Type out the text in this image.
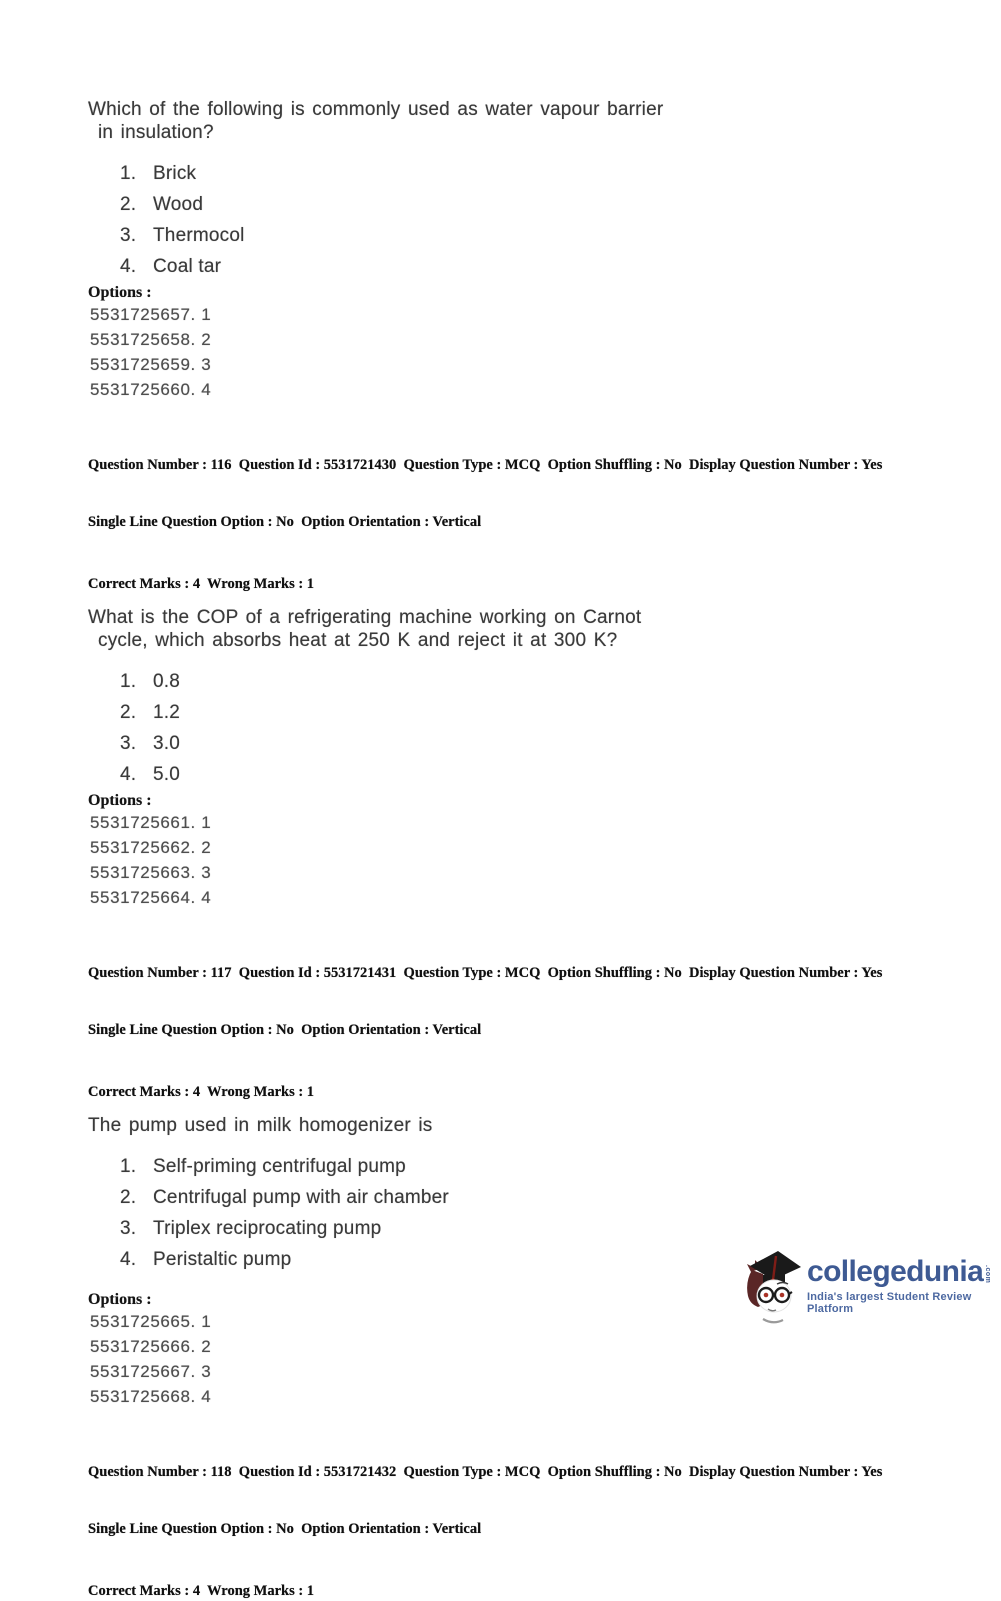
Which of the following is commonly used as water vapour barrier
in insulation?
1. Brick
2. Wood
3. Thermocol
4. Coal tar
Options :
5531725657. 1
5531725658. 2
5531725659. 3
5531725660. 4

Question Number : 116  Question Id : 5531721430  Question Type : MCQ  Option Shuffling : No  Display Question Number : Yes

Single Line Question Option : No  Option Orientation : Vertical

Correct Marks : 4  Wrong Marks : 1
What is the COP of a refrigerating machine working on Carnot
cycle, which absorbs heat at 250 K and reject it at 300 K?
1. 0.8
2. 1.2
3. 3.0
4. 5.0
Options :
5531725661. 1
5531725662. 2
5531725663. 3
5531725664. 4

Question Number : 117  Question Id : 5531721431  Question Type : MCQ  Option Shuffling : No  Display Question Number : Yes

Single Line Question Option : No  Option Orientation : Vertical

Correct Marks : 4  Wrong Marks : 1
The pump used in milk homogenizer is
1. Self-priming centrifugal pump
2. Centrifugal pump with air chamber
3. Triplex reciprocating pump
4. Peristaltic pump
Options :
5531725665. 1
5531725666. 2
5531725667. 3
5531725668. 4

Question Number : 118  Question Id : 5531721432  Question Type : MCQ  Option Shuffling : No  Display Question Number : Yes

Single Line Question Option : No  Option Orientation : Vertical

Correct Marks : 4  Wrong Marks : 1
collegedunia .com
India's largest Student Review Platform
